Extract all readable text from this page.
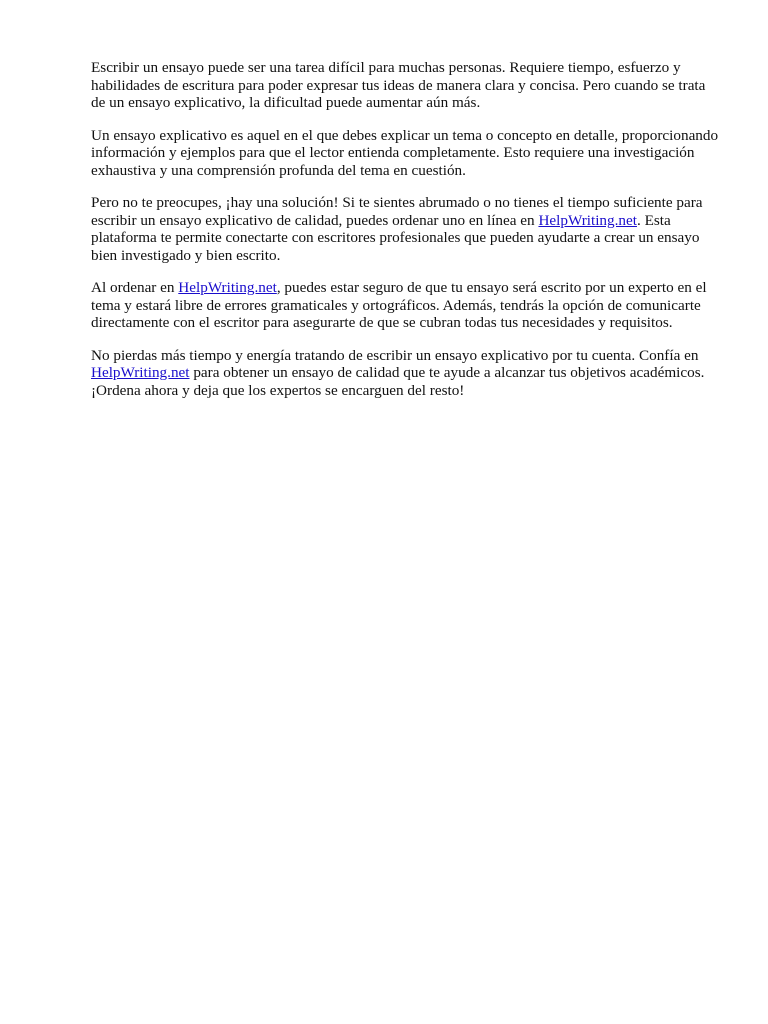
Escribir un ensayo puede ser una tarea difícil para muchas personas. Requiere tiempo, esfuerzo y habilidades de escritura para poder expresar tus ideas de manera clara y concisa. Pero cuando se trata de un ensayo explicativo, la dificultad puede aumentar aún más.

Un ensayo explicativo es aquel en el que debes explicar un tema o concepto en detalle, proporcionando información y ejemplos para que el lector entienda completamente. Esto requiere una investigación exhaustiva y una comprensión profunda del tema en cuestión.

Pero no te preocupes, ¡hay una solución! Si te sientes abrumado o no tienes el tiempo suficiente para escribir un ensayo explicativo de calidad, puedes ordenar uno en línea en HelpWriting.net. Esta plataforma te permite conectarte con escritores profesionales que pueden ayudarte a crear un ensayo bien investigado y bien escrito.

Al ordenar en HelpWriting.net, puedes estar seguro de que tu ensayo será escrito por un experto en el tema y estará libre de errores gramaticales y ortográficos. Además, tendrás la opción de comunicarte directamente con el escritor para asegurarte de que se cubran todas tus necesidades y requisitos.

No pierdas más tiempo y energía tratando de escribir un ensayo explicativo por tu cuenta. Confía en HelpWriting.net para obtener un ensayo de calidad que te ayude a alcanzar tus objetivos académicos. ¡Ordena ahora y deja que los expertos se encarguen del resto!
